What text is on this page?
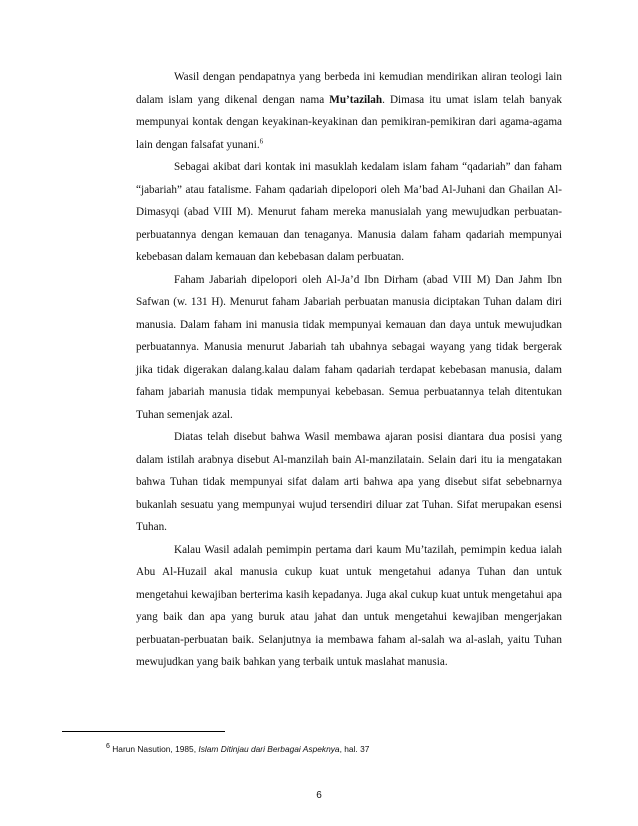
Wasil dengan pendapatnya yang berbeda ini kemudian mendirikan aliran teologi lain dalam islam yang dikenal dengan nama Mu’tazilah. Dimasa itu umat islam telah banyak mempunyai kontak dengan keyakinan-keyakinan dan pemikiran-pemikiran dari agama-agama lain dengan falsafat yunani.$^6$

Sebagai akibat dari kontak ini masuklah kedalam islam faham “qadariah” dan faham “jabariah” atau fatalisme. Faham qadariah dipelopori oleh Ma’bad Al-Juhani dan Ghailan Al-Dimasyqi (abad VIII M). Menurut faham mereka manusialah yang mewujudkan perbuatan-perbuatannya dengan kemauan dan tenaganya. Manusia dalam faham qadariah mempunyai kebebasan dalam kemauan dan kebebasan dalam perbuatan.

Faham Jabariah dipelopori oleh Al-Ja’d Ibn Dirham (abad VIII M) Dan Jahm Ibn Safwan (w. 131 H). Menurut faham Jabariah perbuatan manusia diciptakan Tuhan dalam diri manusia. Dalam faham ini manusia tidak mempunyai kemauan dan daya untuk mewujudkan perbuatannya. Manusia menurut Jabariah tah ubahnya sebagai wayang yang tidak bergerak jika tidak digerakan dalang.kalau dalam faham qadariah terdapat kebebasan manusia, dalam faham jabariah manusia tidak mempunyai kebebasan. Semua perbuatannya telah ditentukan Tuhan semenjak azal.

Diatas telah disebut bahwa Wasil membawa ajaran posisi diantara dua posisi yang dalam istilah arabnya disebut Al-manzilah bain Al-manzilatain. Selain dari itu ia mengatakan bahwa Tuhan tidak mempunyai sifat dalam arti bahwa apa yang disebut sifat sebebnarnya bukanlah sesuatu yang mempunyai wujud tersendiri diluar zat Tuhan. Sifat merupakan esensi Tuhan.

Kalau Wasil adalah pemimpin pertama dari kaum Mu’tazilah, pemimpin kedua ialah Abu Al-Huzail akal manusia cukup kuat untuk mengetahui adanya Tuhan dan untuk mengetahui kewajiban berterima kasih kepadanya. Juga akal cukup kuat untuk mengetahui apa yang baik dan apa yang buruk atau jahat dan untuk mengetahui kewajiban mengerjakan perbuatan-perbuatan baik. Selanjutnya ia membawa faham al-salah wa al-aslah, yaitu Tuhan mewujudkan yang baik bahkan yang terbaik untuk maslahat manusia.

$^6$ Harun Nasution, 1985, Islam Ditinjau dari Berbagai Aspeknya, hal. 37
6
